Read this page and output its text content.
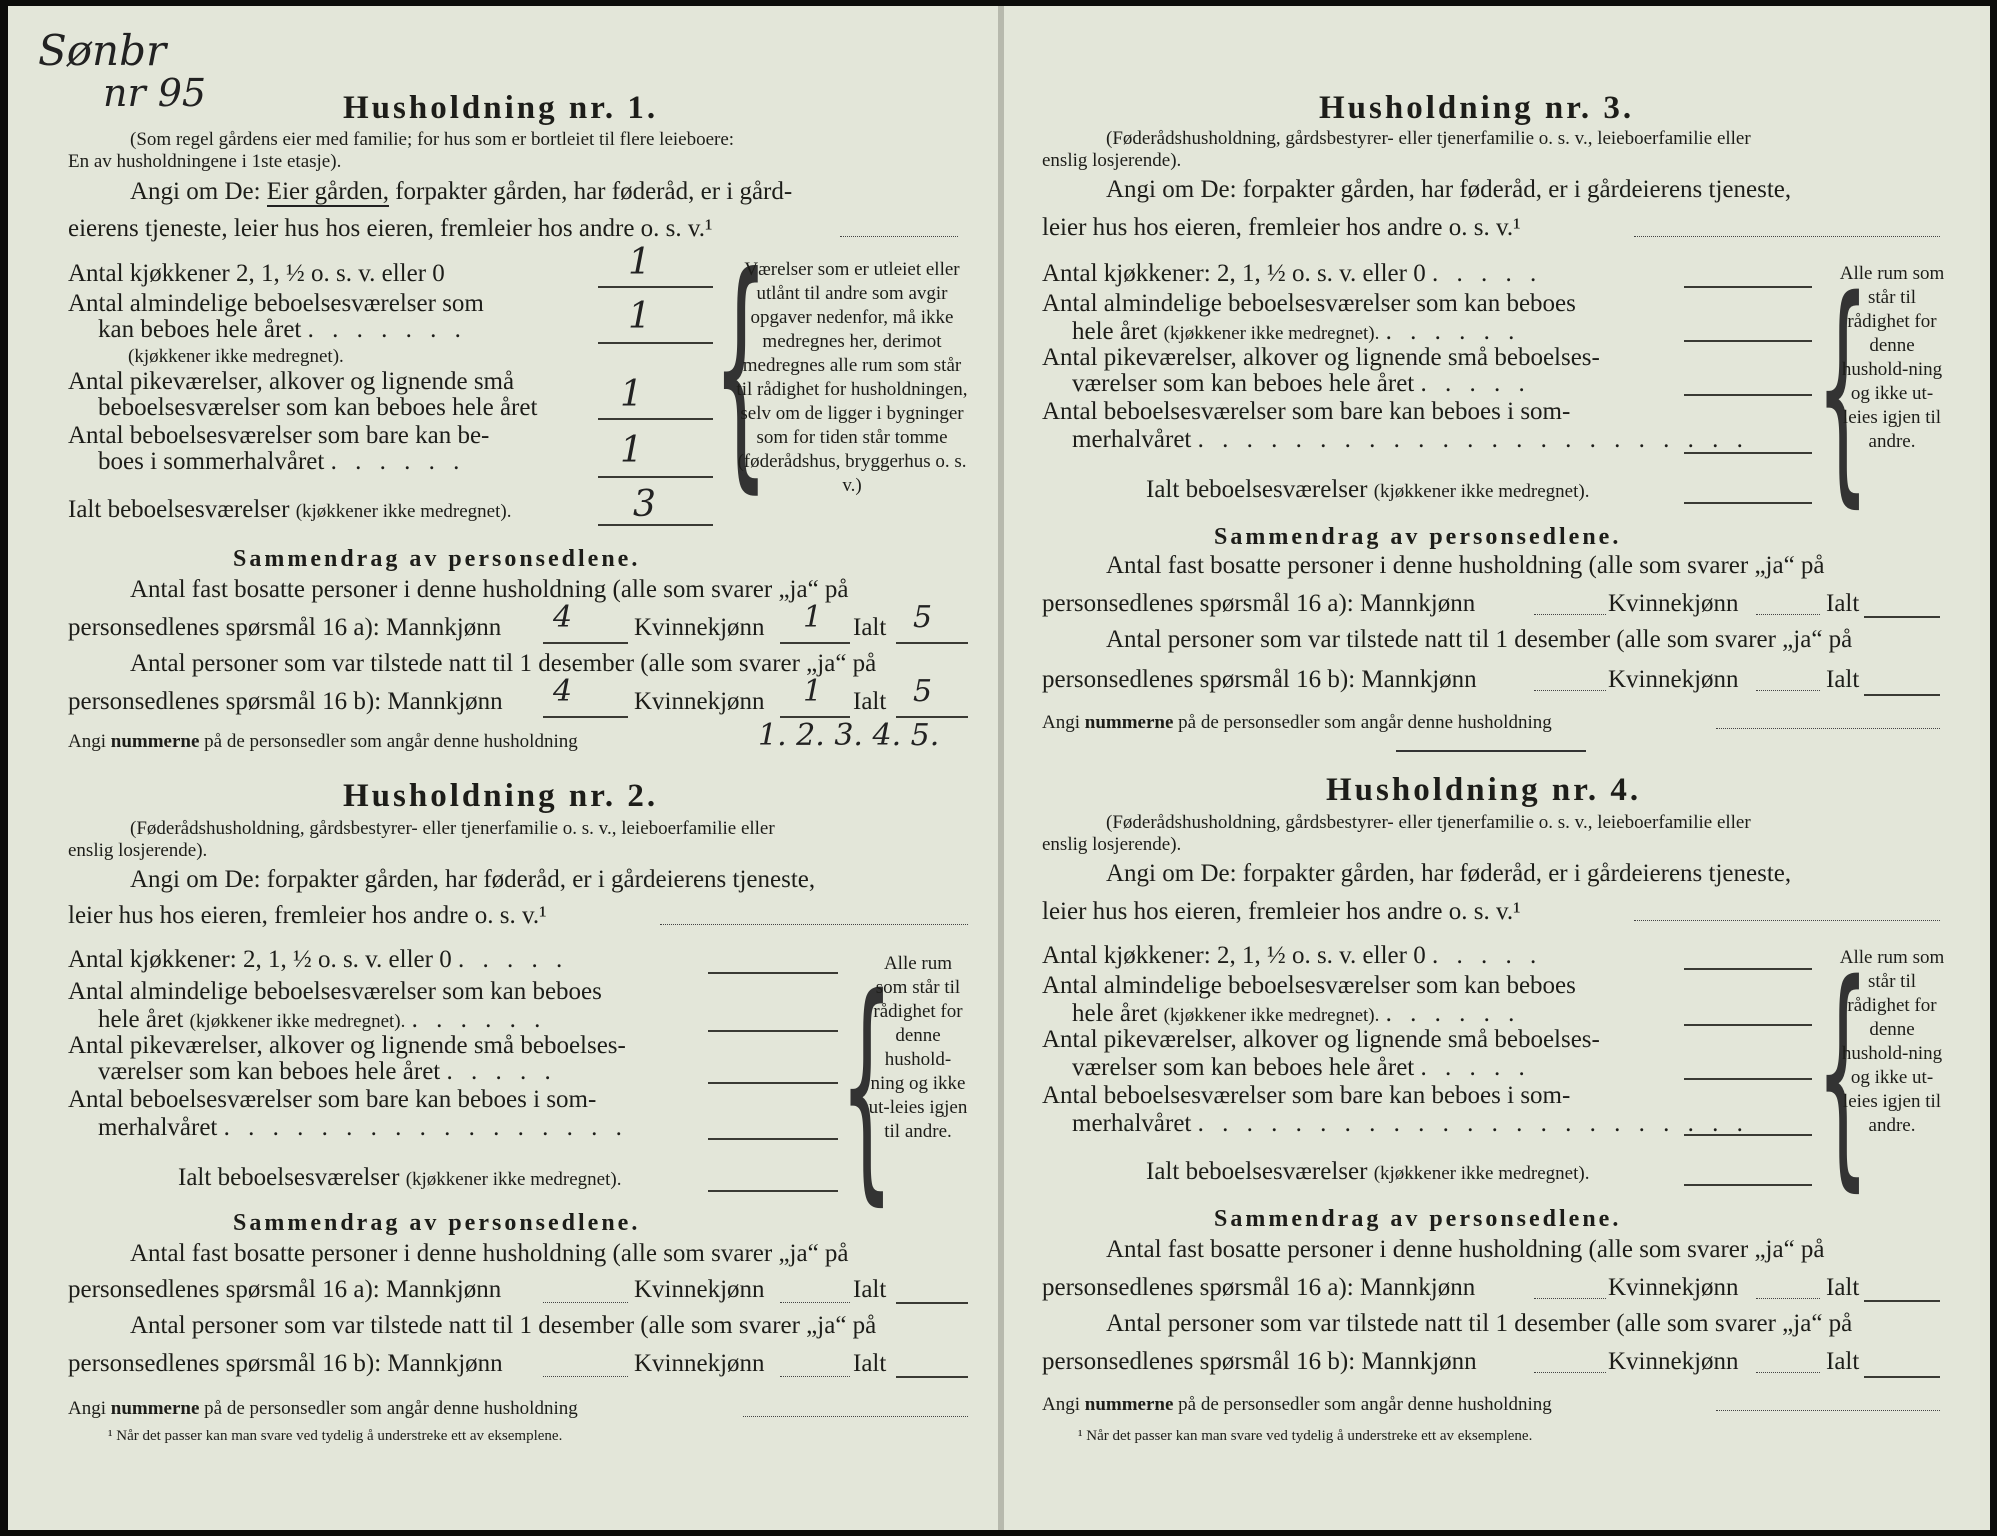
Sønbr
nr 95	Husholdning nr. 1.
(Som regel gårdens eier med familie; for hus som er bortleiet til flere leieboere:
En av husholdningene i 1ste etasje).
Angi om De: Eier gården, forpakter gården, har føderåd, er i gård-
eierens tjeneste, leier hus hos eieren, fremleier hos andre o. s. v.¹
Antal kjøkkener 2, 1, ½ o. s. v. eller 0	1
Antal almindelige beboelsesværelser som
kan beboes hele året . . . . . . .
(kjøkkener ikke medregnet).
1
Antal pikeværelser, alkover og lignende små
beboelsesværelser som kan beboes hele året 1
Antal beboelsesværelser som bare kan be-
boes i sommerhalvåret . . . . . .	1
Ialt beboelsesværelser (kjøkkener ikke medregnet).	3 {
Værelser som er utleiet eller utlånt til andre som avgir opgaver nedenfor, må ikke medregnes her, derimot medregnes alle rum som står til rådighet for husholdningen, selv om de ligger i bygninger som for tiden står tomme (føderådshus, bryggerhus o. s. v.)
Sammendrag av personsedlene.
Antal fast bosatte personer i denne husholdning (alle som svarer „ja“ på
personsedlenes spørsmål 16 a): Mannkjønn 4 Kvinnekjønn 1 Ialt 5
Antal personer som var tilstede natt til 1 desember (alle som svarer „ja“ på
personsedlenes spørsmål 16 b): Mannkjønn 4 Kvinnekjønn 1 Ialt 5
Angi nummerne på de personsedler som angår denne husholdning	1. 2. 3. 4. 5.
Husholdning nr. 2.
(Føderådshusholdning, gårdsbestyrer- eller tjenerfamilie o. s. v., leieboerfamilie eller
enslig losjerende).
Angi om De: forpakter gården, har føderåd, er i gårdeierens tjeneste,
leier hus hos eieren, fremleier hos andre o. s. v.¹
Antal kjøkkener: 2, 1, ½ o. s. v. eller 0 . . . . .
Antal almindelige beboelsesværelser som kan beboes
hele året (kjøkkener ikke medregnet). . . . . . .
Antal pikeværelser, alkover og lignende små beboelses-
værelser som kan beboes hele året . . . . .
Antal beboelsesværelser som bare kan beboes i som-
merhalvåret . . . . . . . . . . . . . . . . .
Ialt beboelsesværelser (kjøkkener ikke medregnet). {
Alle rum som står til rådighet for denne hushold-ning og ikke ut-leies igjen til andre.
Sammendrag av personsedlene.
Antal fast bosatte personer i denne husholdning (alle som svarer „ja“ på
personsedlenes spørsmål 16 a): Mannkjønn	Kvinnekjønn	Ialt
Antal personer som var tilstede natt til 1 desember (alle som svarer „ja“ på
personsedlenes spørsmål 16 b): Mannkjønn	Kvinnekjønn	Ialt
Angi nummerne på de personsedler som angår denne husholdning
¹ Når det passer kan man svare ved tydelig å understreke ett av eksemplene.
Husholdning nr. 3.
(Føderådshusholdning, gårdsbestyrer- eller tjenerfamilie o. s. v., leieboerfamilie eller
enslig losjerende).
Angi om De: forpakter gården, har føderåd, er i gårdeierens tjeneste,
leier hus hos eieren, fremleier hos andre o. s. v.¹
Antal kjøkkener: 2, 1, ½ o. s. v. eller 0 . . . . .
Antal almindelige beboelsesværelser som kan beboes
hele året (kjøkkener ikke medregnet). . . . . . .
Antal pikeværelser, alkover og lignende små beboelses-
værelser som kan beboes hele året . . . . .
Antal beboelsesværelser som bare kan beboes i som-
merhalvåret . . . . . . . . . . . . . . . . . . . . . . .
Ialt beboelsesværelser (kjøkkener ikke medregnet). {
Alle rum som står til rådighet for denne hushold-ning og ikke ut-leies igjen til andre.
Sammendrag av personsedlene.
Antal fast bosatte personer i denne husholdning (alle som svarer „ja“ på
personsedlenes spørsmål 16 a): Mannkjønn	Kvinnekjønn	Ialt
Antal personer som var tilstede natt til 1 desember (alle som svarer „ja“ på
personsedlenes spørsmål 16 b): Mannkjønn	Kvinnekjønn	Ialt
Angi nummerne på de personsedler som angår denne husholdning
Husholdning nr. 4.
(Føderådshusholdning, gårdsbestyrer- eller tjenerfamilie o. s. v., leieboerfamilie eller
enslig losjerende).
Angi om De: forpakter gården, har føderåd, er i gårdeierens tjeneste,
leier hus hos eieren, fremleier hos andre o. s. v.¹
Antal kjøkkener: 2, 1, ½ o. s. v. eller 0 . . . . .
Antal almindelige beboelsesværelser som kan beboes
hele året (kjøkkener ikke medregnet). . . . . . .
Antal pikeværelser, alkover og lignende små beboelses-
værelser som kan beboes hele året . . . . .
Antal beboelsesværelser som bare kan beboes i som-
merhalvåret . . . . . . . . . . . . . . . . . . . . . . .
Ialt beboelsesværelser (kjøkkener ikke medregnet). {
Alle rum som står til rådighet for denne hushold-ning og ikke ut-leies igjen til andre.
Sammendrag av personsedlene.
Antal fast bosatte personer i denne husholdning (alle som svarer „ja“ på
personsedlenes spørsmål 16 a): Mannkjønn	Kvinnekjønn	Ialt
Antal personer som var tilstede natt til 1 desember (alle som svarer „ja“ på
personsedlenes spørsmål 16 b): Mannkjønn	Kvinnekjønn	Ialt
Angi nummerne på de personsedler som angår denne husholdning
¹ Når det passer kan man svare ved tydelig å understreke ett av eksemplene.
